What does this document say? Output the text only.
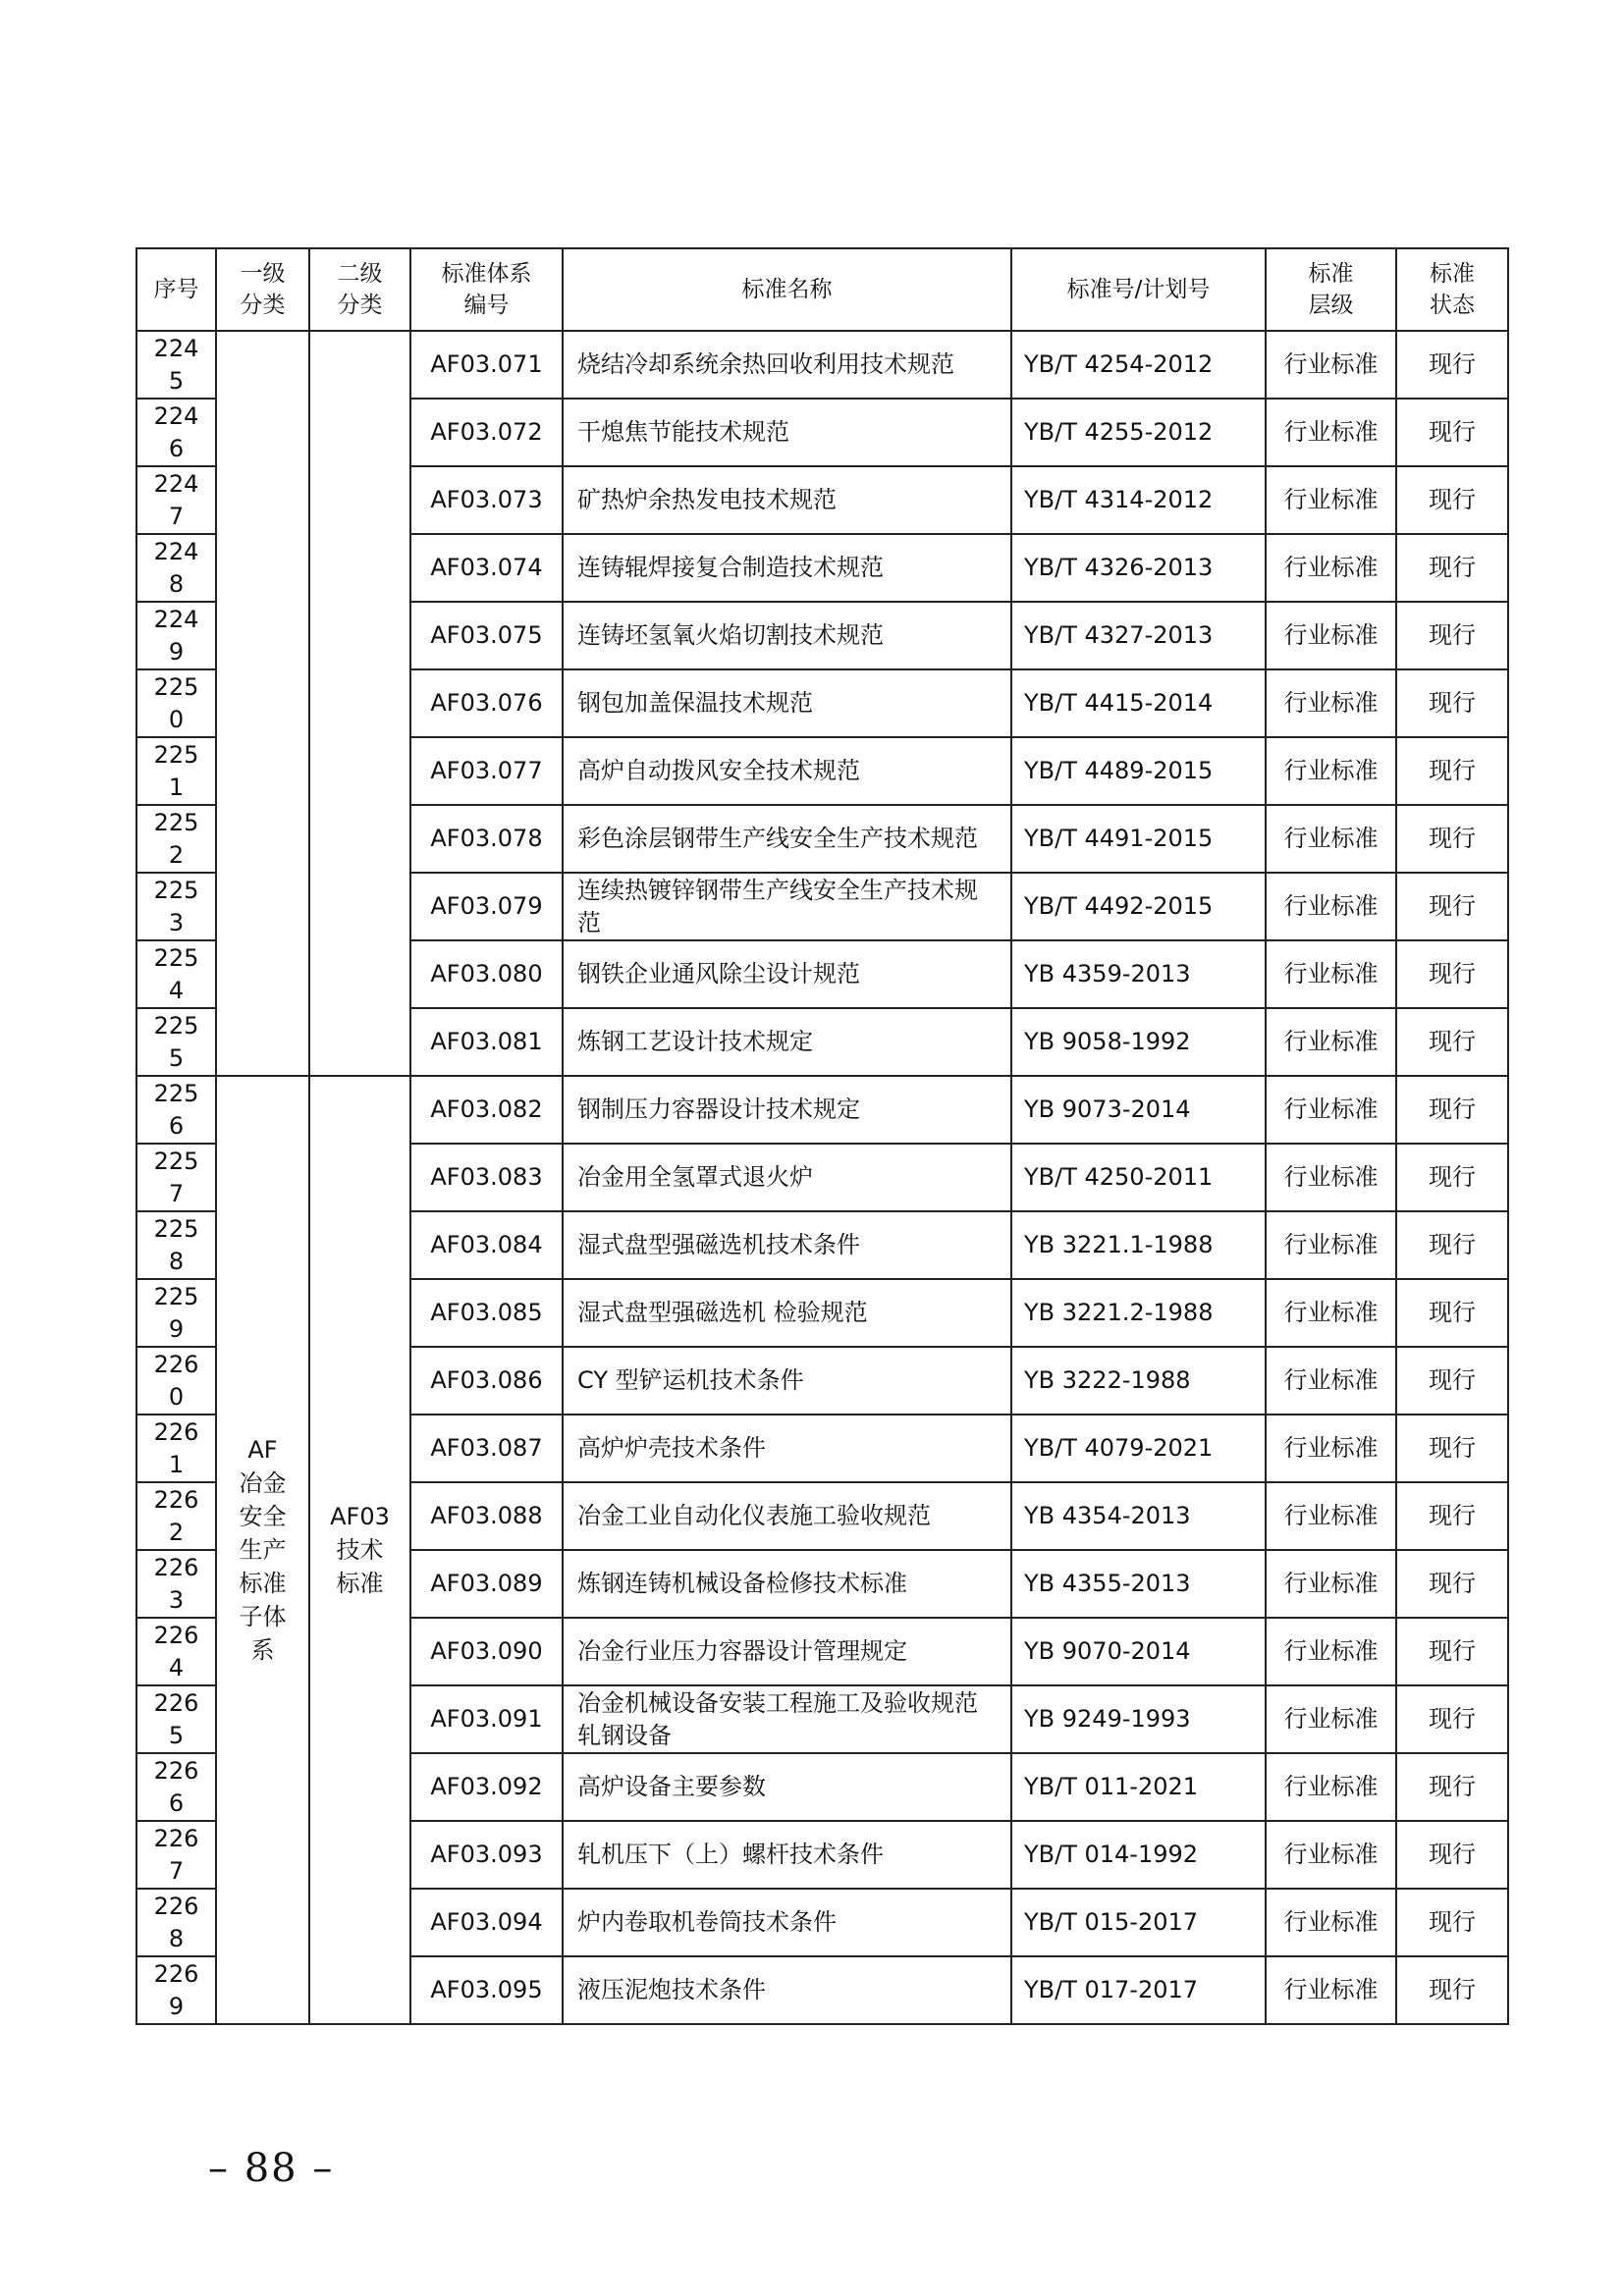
序号	一级分类	二级分类	标准体系编号	标准名称	标准号/计划号	标准层级	标准状态

2245			AF03.071	烧结冷却系统余热回收利用技术规范	YB/T 4254-2012	行业标准	现行

2246			AF03.072	干熄焦节能技术规范	YB/T 4255-2012	行业标准	现行

2247			AF03.073	矿热炉余热发电技术规范	YB/T 4314-2012	行业标准	现行

2248			AF03.074	连铸辊焊接复合制造技术规范	YB/T 4326-2013	行业标准	现行

2249			AF03.075	连铸坯氢氧火焰切割技术规范	YB/T 4327-2013	行业标准	现行

2250			AF03.076	钢包加盖保温技术规范	YB/T 4415-2014	行业标准	现行

2251			AF03.077	高炉自动拨风安全技术规范	YB/T 4489-2015	行业标准	现行

2252			AF03.078	彩色涂层钢带生产线安全生产技术规范	YB/T 4491-2015	行业标准	现行

2253			AF03.079	连续热镀锌钢带生产线安全生产技术规范	YB/T 4492-2015	行业标准	现行

2254			AF03.080	钢铁企业通风除尘设计规范	YB 4359-2013	行业标准	现行

2255			AF03.081	炼钢工艺设计技术规定	YB 9058-1992	行业标准	现行

2256	AF冶金安全生产标准子体系	AF03技术标准	AF03.082	钢制压力容器设计技术规定	YB 9073-2014	行业标准	现行

2257			AF03.083	冶金用全氢罩式退火炉	YB/T 4250-2011	行业标准	现行

2258			AF03.084	湿式盘型强磁选机技术条件	YB 3221.1-1988	行业标准	现行

2259			AF03.085	湿式盘型强磁选机 检验规范	YB 3221.2-1988	行业标准	现行

2260			AF03.086	CY 型铲运机技术条件	YB 3222-1988	行业标准	现行

2261			AF03.087	高炉炉壳技术条件	YB/T 4079-2021	行业标准	现行

2262			AF03.088	冶金工业自动化仪表施工验收规范	YB 4354-2013	行业标准	现行

2263			AF03.089	炼钢连铸机械设备检修技术标准	YB 4355-2013	行业标准	现行

2264			AF03.090	冶金行业压力容器设计管理规定	YB 9070-2014	行业标准	现行

2265			AF03.091	冶金机械设备安装工程施工及验收规范轧钢设备	YB 9249-1993	行业标准	现行

2266			AF03.092	高炉设备主要参数	YB/T 011-2021	行业标准	现行

2267			AF03.093	轧机压下（上）螺杆技术条件	YB/T 014-1992	行业标准	现行

2268			AF03.094	炉内卷取机卷筒技术条件	YB/T 015-2017	行业标准	现行

2269			AF03.095	液压泥炮技术条件	YB/T 017-2017	行业标准	现行
– 88 –
